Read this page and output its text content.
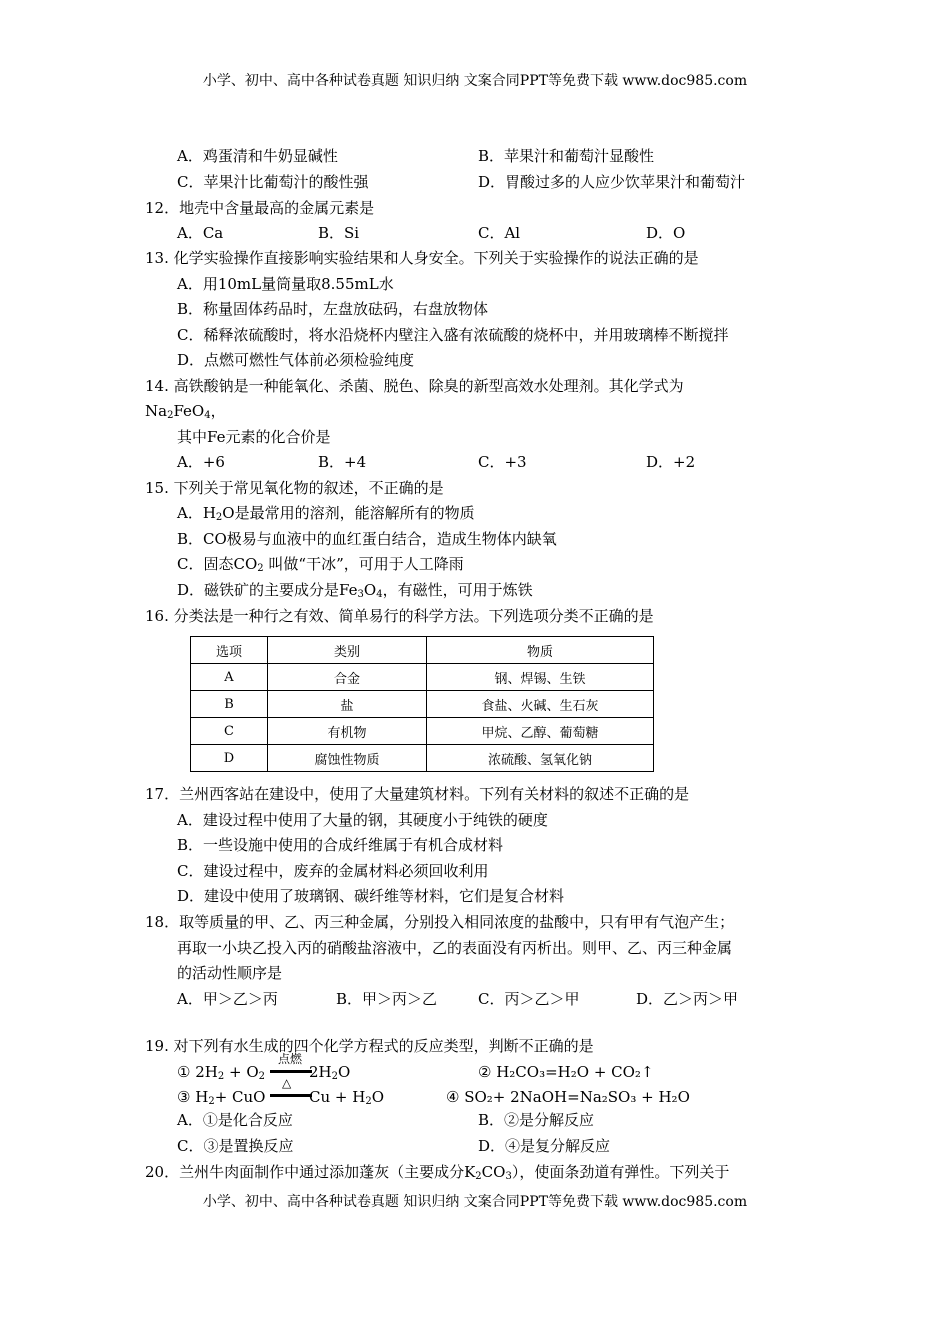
小学、初中、高中各种试卷真题 知识归纳 文案合同PPT等免费下载 www.doc985.com
A．鸡蛋清和牛奶显碱性	B．苹果汁和葡萄汁显酸性
C．苹果汁比葡萄汁的酸性强	D．胃酸过多的人应少饮苹果汁和葡萄汁
12．地壳中含量最高的金属元素是
A．Ca	B．Si	C．Al	D．O
13. 化学实验操作直接影响实验结果和人身安全。下列关于实验操作的说法正确的是
A．用10mL量筒量取8.55mL水
B．称量固体药品时，左盘放砝码，右盘放物体
C．稀释浓硫酸时，将水沿烧杯内壁注入盛有浓硫酸的烧杯中，并用玻璃棒不断搅拌
D．点燃可燃性气体前必须检验纯度
14. 高铁酸钠是一种能氧化、杀菌、脱色、除臭的新型高效水处理剂。其化学式为
$Na_2FeO_4$，
其中Fe元素的化合价是
A．+6	B．+4	C．+3	D．+2
15. 下列关于常见氧化物的叙述，不正确的是
A．$H_2O$是最常用的溶剂，能溶解所有的物质
B．CO极易与血液中的血红蛋白结合，造成生物体内缺氧
C．固态$CO_2$ 叫做“干冰”，可用于人工降雨
D．磁铁矿的主要成分是$Fe_3O_4$，有磁性，可用于炼铁
16. 分类法是一种行之有效、简单易行的科学方法。下列选项分类不正确的是
选项	类别	物质
A	合金	钢、焊锡、生铁
B	盐	食盐、火碱、生石灰
C	有机物	甲烷、乙醇、葡萄糖
D	腐蚀性物质	浓硫酸、氢氧化钠
17．兰州西客站在建设中，使用了大量建筑材料。下列有关材料的叙述不正确的是
A．建设过程中使用了大量的钢，其硬度小于纯铁的硬度
B．一些设施中使用的合成纤维属于有机合成材料
C．建设过程中，废弃的金属材料必须回收利用
D．建设中使用了玻璃钢、碳纤维等材料，它们是复合材料
18．取等质量的甲、乙、丙三种金属，分别投入相同浓度的盐酸中，只有甲有气泡产生；
再取一小块乙投入丙的硝酸盐溶液中，乙的表面没有丙析出。则甲、乙、丙三种金属
的活动性顺序是
A．甲＞乙＞丙	B．甲＞丙＞乙	C．丙＞乙＞甲	D．乙＞丙＞甲
19. 对下列有水生成的四个化学方程式的反应类型，判断不正确的是
① $2H_2 + O_2$
点燃
$2H_2O$	② H₂CO₃=H₂O + CO₂↑
③ $H_2+$ CuO
△
$Cu + H_2O$	④ SO₂+ 2NaOH=Na₂SO₃ + H₂O
A．①是化合反应	B．②是分解反应
C．③是置换反应	D．④是复分解反应
20．兰州牛肉面制作中通过添加蓬灰（主要成分$K_2CO_3$），使面条劲道有弹性。下列关于
小学、初中、高中各种试卷真题 知识归纳 文案合同PPT等免费下载 www.doc985.com
